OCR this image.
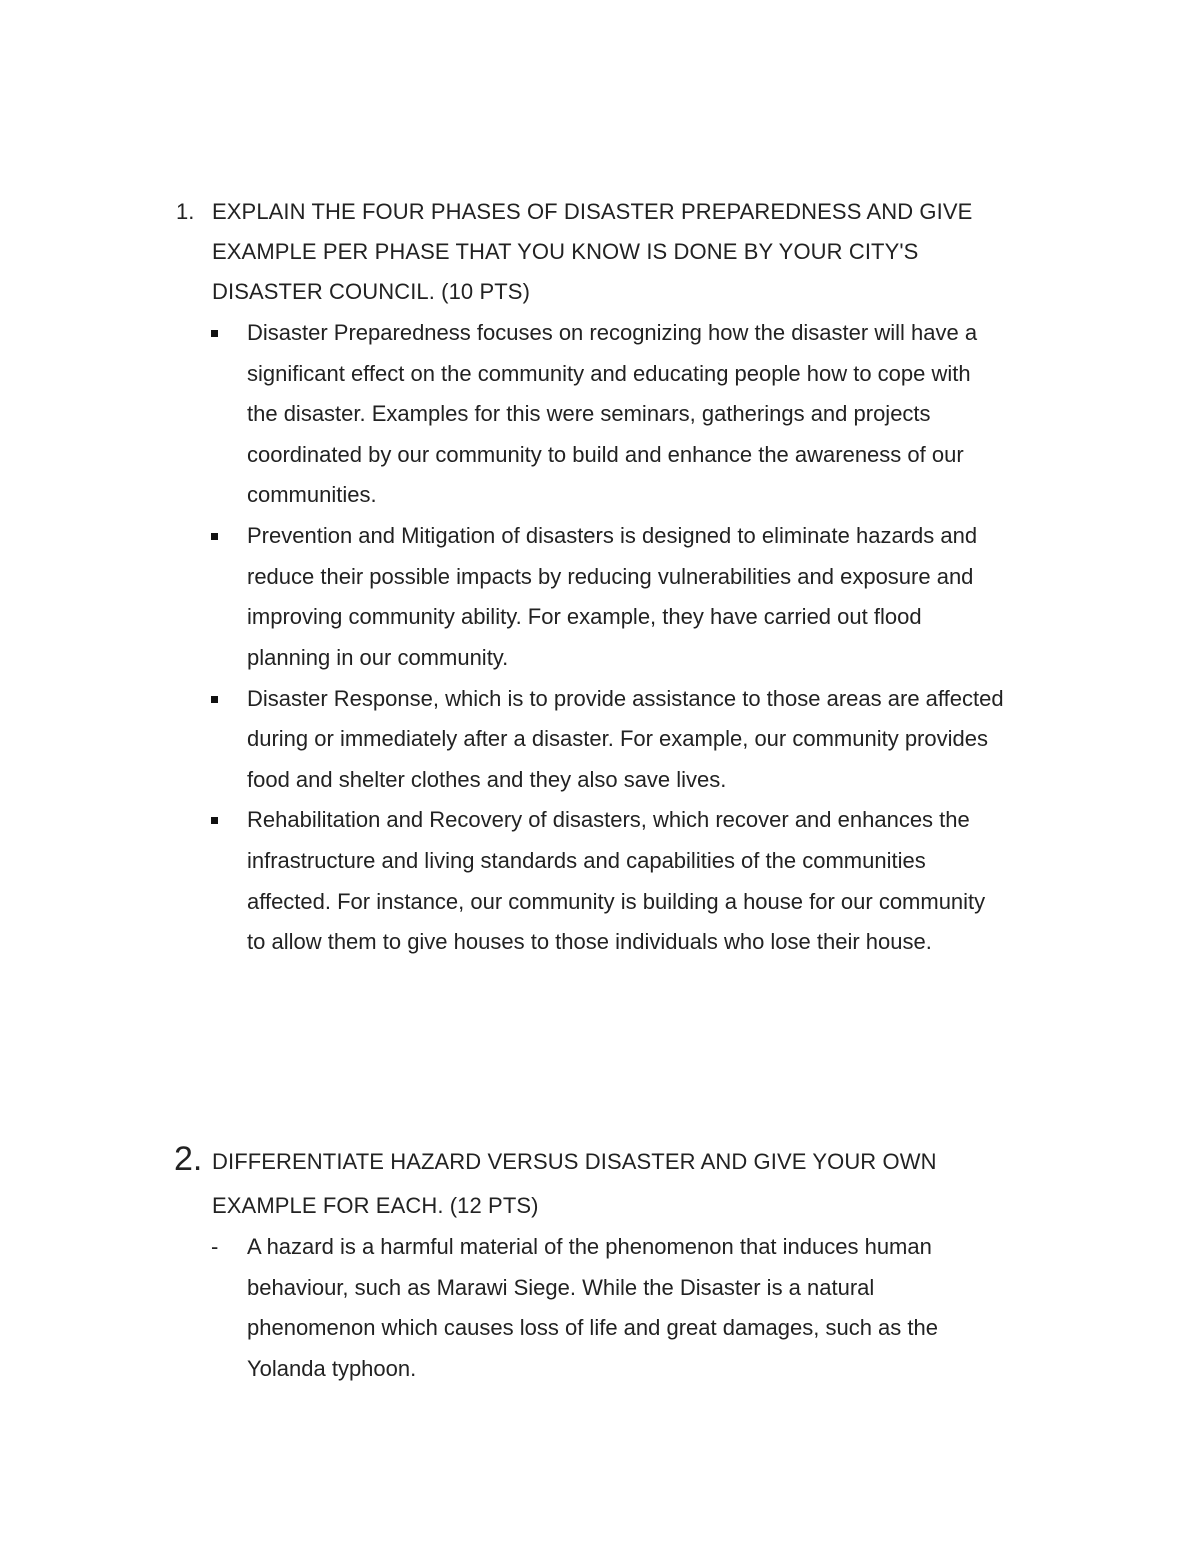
1. EXPLAIN THE FOUR PHASES OF DISASTER PREPAREDNESS AND GIVE
EXAMPLE PER PHASE THAT YOU KNOW IS DONE BY YOUR CITY'S
DISASTER COUNCIL. (10 PTS)
Disaster Preparedness focuses on recognizing how the disaster will have a
significant effect on the community and educating people how to cope with
the disaster. Examples for this were seminars, gatherings and projects
coordinated by our community to build and enhance the awareness of our
communities.
Prevention and Mitigation of disasters is designed to eliminate hazards and
reduce their possible impacts by reducing vulnerabilities and exposure and
improving community ability. For example, they have carried out flood
planning in our community.
Disaster Response, which is to provide assistance to those areas are affected
during or immediately after a disaster. For example, our community provides
food and shelter clothes and they also save lives.
Rehabilitation and Recovery of disasters, which recover and enhances the
infrastructure and living standards and capabilities of the communities
affected. For instance, our community is building a house for our community
to allow them to give houses to those individuals who lose their house.
2. DIFFERENTIATE HAZARD VERSUS DISASTER AND GIVE YOUR OWN
EXAMPLE FOR EACH. (12 PTS)
- A hazard is a harmful material of the phenomenon that induces human
behaviour, such as Marawi Siege. While the Disaster is a natural
phenomenon which causes loss of life and great damages, such as the
Yolanda typhoon.
